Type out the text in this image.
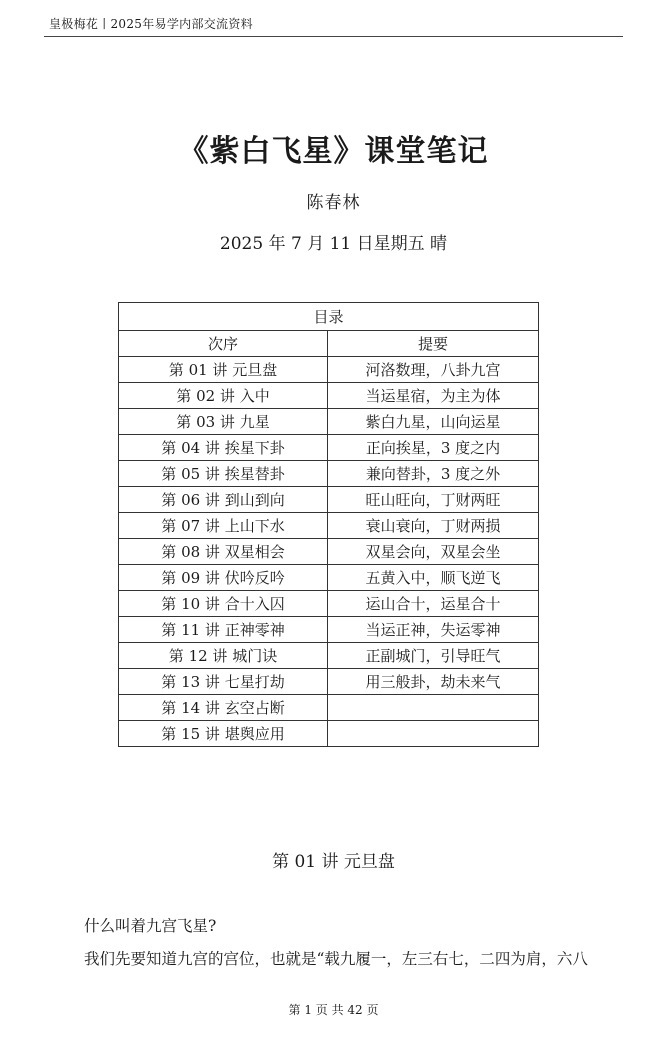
皇极梅花丨2025年易学内部交流资料
《紫白飞星》课堂笔记
陈春林
2025 年 7 月 11 日星期五 晴
目录	
次序	提要
第 01 讲 元旦盘	河洛数理，八卦九宫
第 02 讲 入中	当运星宿，为主为体
第 03 讲 九星	紫白九星，山向运星
第 04 讲 挨星下卦	正向挨星，3 度之内
第 05 讲 挨星替卦	兼向替卦，3 度之外
第 06 讲 到山到向	旺山旺向，丁财两旺
第 07 讲 上山下水	衰山衰向，丁财两损
第 08 讲 双星相会	双星会向，双星会坐
第 09 讲 伏吟反吟	五黄入中，顺飞逆飞
第 10 讲 合十入囚	运山合十，运星合十
第 11 讲 正神零神	当运正神，失运零神
第 12 讲 城门诀	正副城门，引导旺气
第 13 讲 七星打劫	用三般卦，劫未来气
第 14 讲 玄空占断	
第 15 讲 堪舆应用	
第 01 讲 元旦盘
什么叫着九宫飞星?
我们先要知道九宫的宫位，也就是“载九履一，左三右七，二四为肩，六八
第 1 页 共 42 页
